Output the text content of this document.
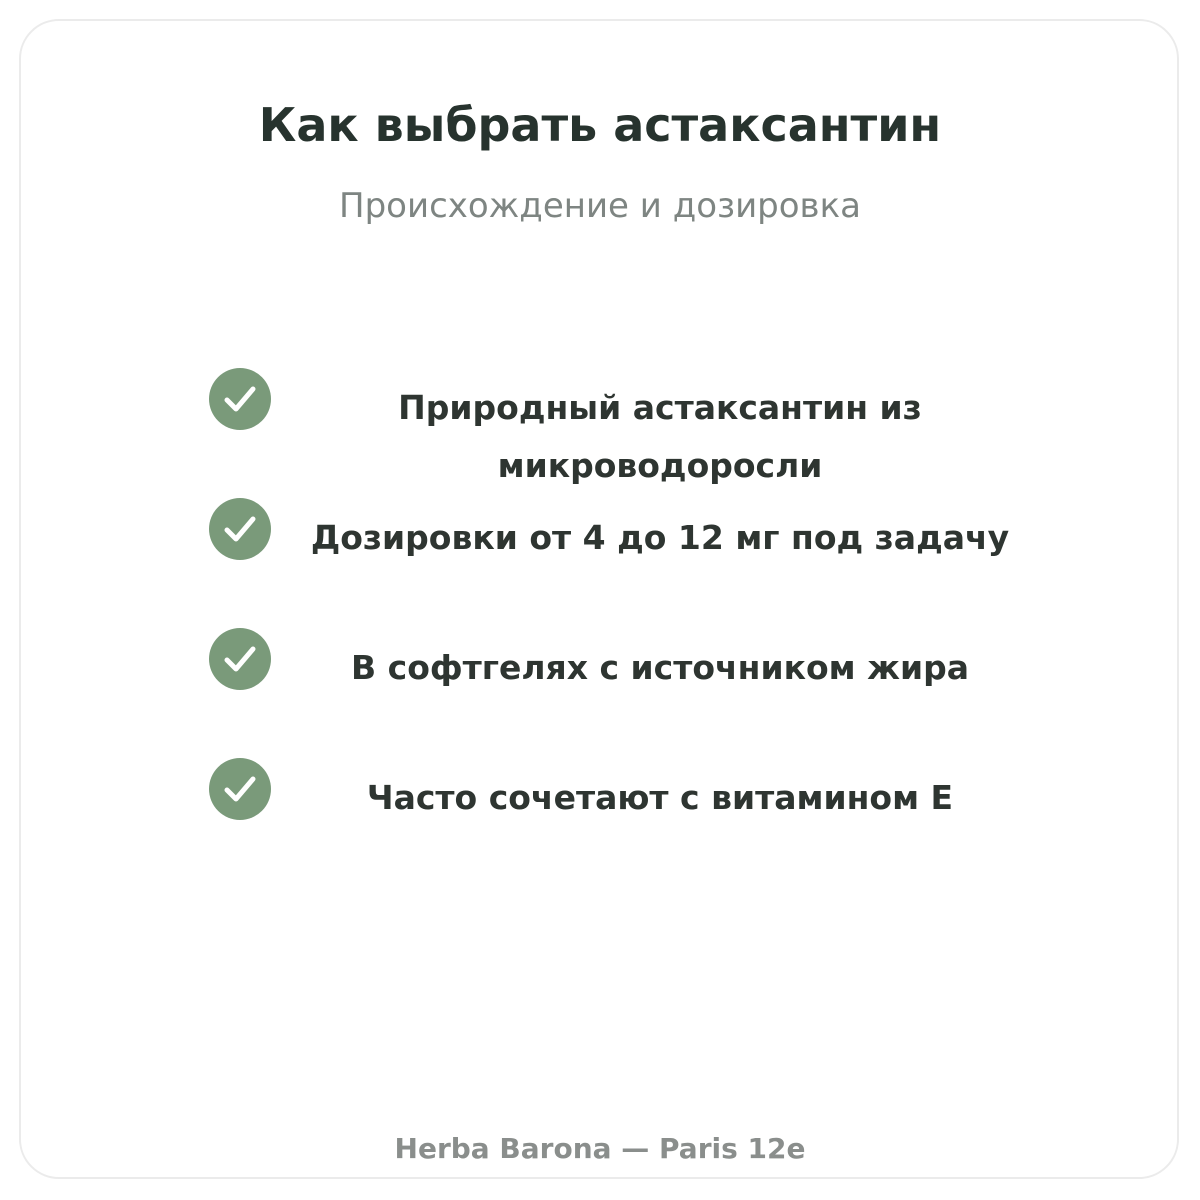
Как выбрать астаксантин

Происхождение и дозировка

Природный астаксантин из микроводоросли

Дозировки от 4 до 12 мг под задачу

В софтгелях с источником жира

Часто сочетают с витамином E

Herba Barona — Paris 12e
